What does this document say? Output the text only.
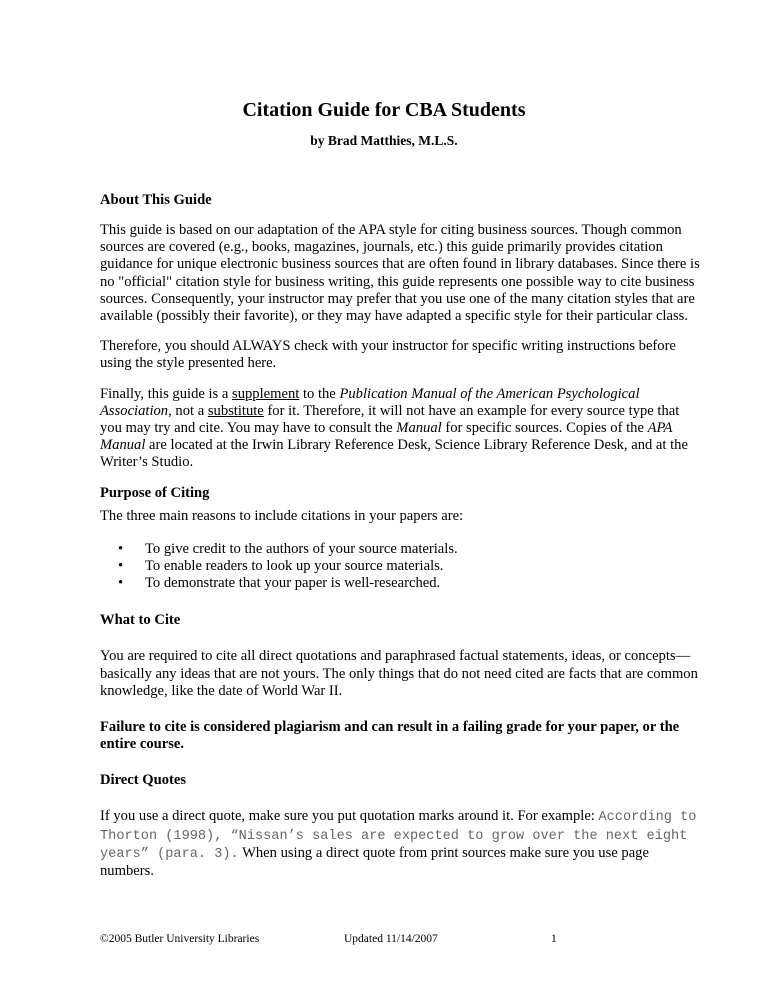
Citation Guide for CBA Students
by Brad Matthies, M.L.S.
About This Guide

This guide is based on our adaptation of the APA style for citing business sources. Though common sources are covered (e.g., books, magazines, journals, etc.) this guide primarily provides citation guidance for unique electronic business sources that are often found in library databases. Since there is no "official" citation style for business writing, this guide represents one possible way to cite business sources. Consequently, your instructor may prefer that you use one of the many citation styles that are available (possibly their favorite), or they may have adapted a specific style for their particular class.

Therefore, you should ALWAYS check with your instructor for specific writing instructions before using the style presented here.

Finally, this guide is a supplement to the Publication Manual of the American Psychological Association, not a substitute for it. Therefore, it will not have an example for every source type that you may try and cite. You may have to consult the Manual for specific sources. Copies of the APA Manual are located at the Irwin Library Reference Desk, Science Library Reference Desk, and at the Writer’s Studio.

Purpose of Citing

The three main reasons to include citations in your papers are:

• To give credit to the authors of your source materials.
• To enable readers to look up your source materials.
• To demonstrate that your paper is well-researched.
What to Cite

You are required to cite all direct quotations and paraphrased factual statements, ideas, or concepts—basically any ideas that are not yours. The only things that do not need cited are facts that are common knowledge, like the date of World War II.

Failure to cite is considered plagiarism and can result in a failing grade for your paper, or the entire course.

Direct Quotes

If you use a direct quote, make sure you put quotation marks around it. For example: According to Thorton (1998), “Nissan’s sales are expected to grow over the next eight years” (para. 3). When using a direct quote from print sources make sure you use page numbers.

©2005 Butler University Libraries	Updated 11/14/2007	1
